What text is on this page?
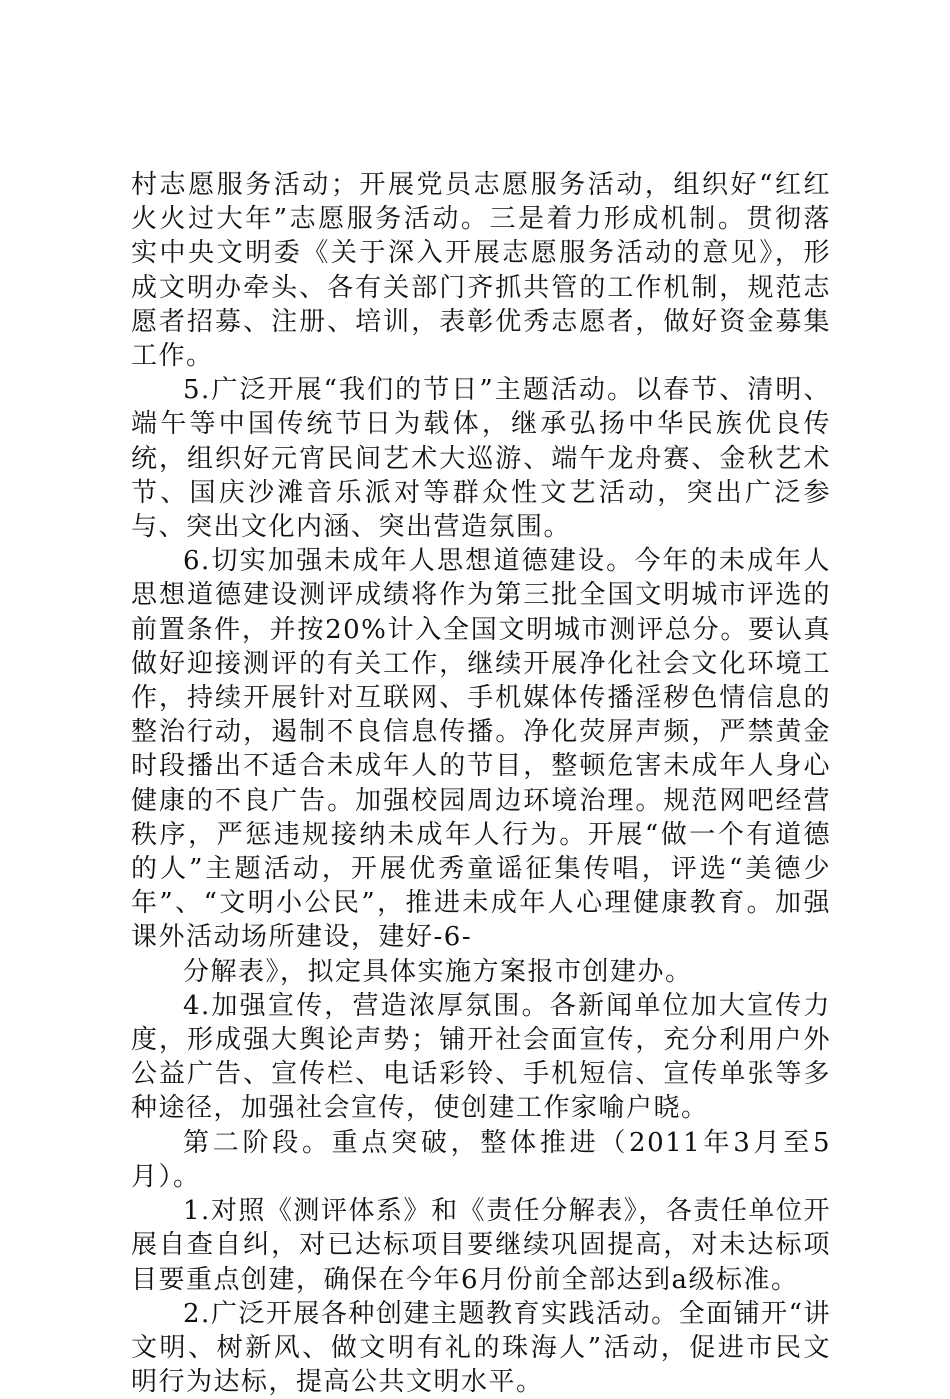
村志愿服务活动；开展党员志愿服务活动，组织好“红红火火过大年”志愿服务活动。三是着力形成机制。贯彻落实中央文明委《关于深入开展志愿服务活动的意见》，形成文明办牵头、各有关部门齐抓共管的工作机制，规范志愿者招募、注册、培训，表彰优秀志愿者，做好资金募集工作。

5.广泛开展“我们的节日”主题活动。以春节、清明、端午等中国传统节日为载体，继承弘扬中华民族优良传统，组织好元宵民间艺术大巡游、端午龙舟赛、金秋艺术节、国庆沙滩音乐派对等群众性文艺活动，突出广泛参与、突出文化内涵、突出营造氛围。

6.切实加强未成年人思想道德建设。今年的未成年人思想道德建设测评成绩将作为第三批全国文明城市评选的前置条件，并按20%计入全国文明城市测评总分。要认真做好迎接测评的有关工作，继续开展净化社会文化环境工作，持续开展针对互联网、手机媒体传播淫秽色情信息的整治行动，遏制不良信息传播。净化荧屏声频，严禁黄金时段播出不适合未成年人的节目，整顿危害未成年人身心健康的不良广告。加强校园周边环境治理。规范网吧经营秩序，严惩违规接纳未成年人行为。开展“做一个有道德的人”主题活动，开展优秀童谣征集传唱，评选“美德少年”、“文明小公民”，推进未成年人心理健康教育。加强课外活动场所建设，建好-6-

分解表》，拟定具体实施方案报市创建办。

4.加强宣传，营造浓厚氛围。各新闻单位加大宣传力度，形成强大舆论声势；铺开社会面宣传，充分利用户外公益广告、宣传栏、电话彩铃、手机短信、宣传单张等多种途径，加强社会宣传，使创建工作家喻户晓。

第二阶段。重点突破，整体推进（2011年3月至5月）。

1.对照《测评体系》和《责任分解表》，各责任单位开展自查自纠，对已达标项目要继续巩固提高，对未达标项目要重点创建，确保在今年6月份前全部达到a级标准。

2.广泛开展各种创建主题教育实践活动。全面铺开“讲文明、树新风、做文明有礼的珠海人”活动，促进市民文明行为达标，提高公共文明水平。
